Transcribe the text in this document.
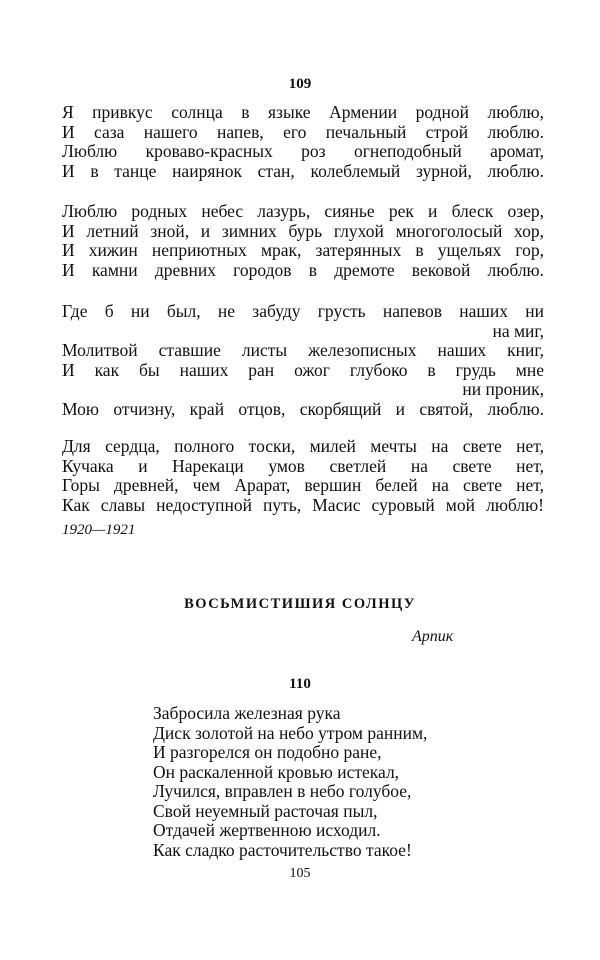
109
Я привкус солнца в языке Армении родной люблю,
И саза нашего напев, его печальный строй люблю.
Люблю кроваво-красных роз огнеподобный аромат,
И в танце наирянок стан, колеблемый зурной, люблю.
Люблю родных небес лазурь, сиянье рек и блеск озер,
И летний зной, и зимних бурь глухой многоголосый хор,
И хижин неприютных мрак, затерянных в ущельях гор,
И камни древних городов в дремоте вековой люблю.
Где б ни был, не забуду грусть напевов наших ни
на миг,
Молитвой ставшие листы железописных наших книг,
И как бы наших ран ожог глубоко в грудь мне
ни проник,
Мою отчизну, край отцов, скорбящий и святой, люблю.
Для сердца, полного тоски, милей мечты на свете нет,
Кучака и Нарекаци умов светлей на свете нет,
Горы древней, чем Арарат, вершин белей на свете нет,
Как славы недоступной путь, Масис суровый мой люблю!
1920—1921
ВОСЬМИСТИШИЯ СОЛНЦУ
Арпик
110
Забросила железная рука
Диск золотой на небо утром ранним,
И разгорелся он подобно ране,
Он раскаленной кровью истекал,
Лучился, вправлен в небо голубое,
Свой неуемный расточая пыл,
Отдачей жертвенною исходил.
Как сладко расточительство такое!
105
